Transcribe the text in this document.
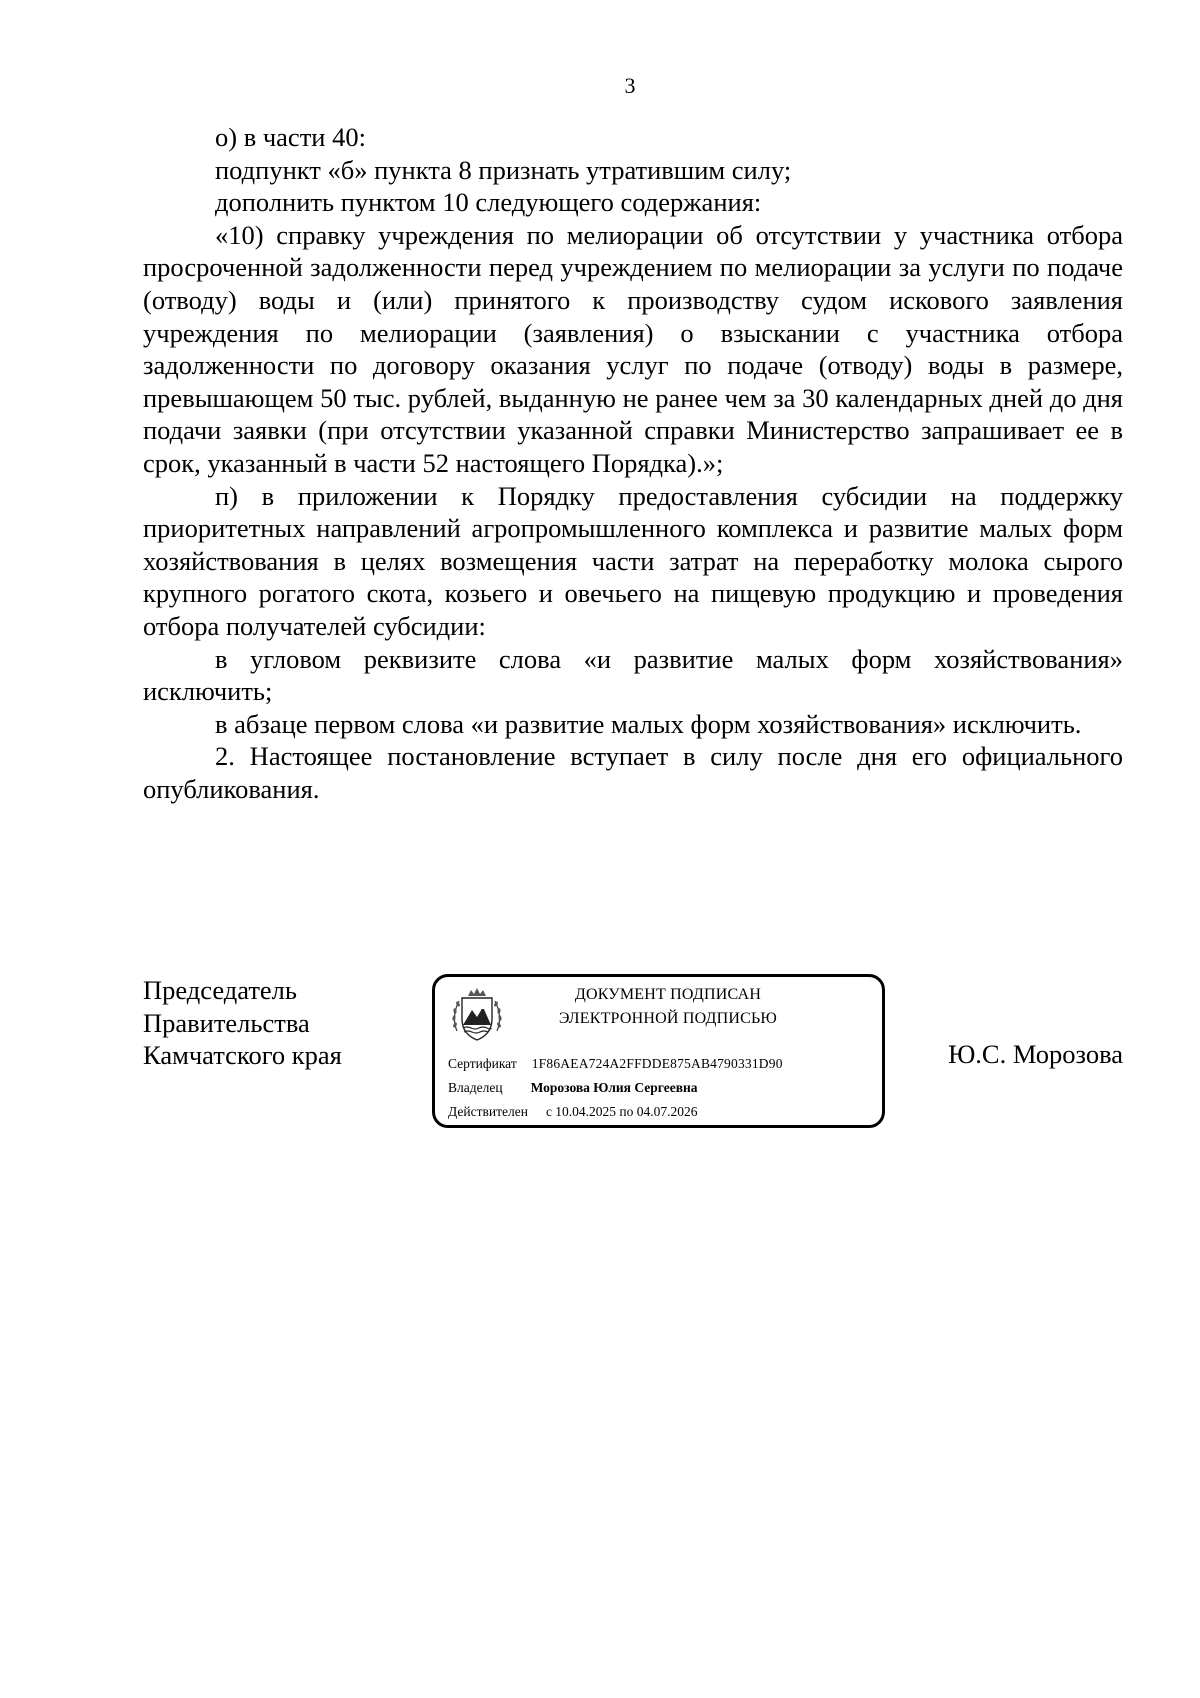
3

о) в части 40:

подпункт «б» пункта 8 признать утратившим силу;

дополнить пунктом 10 следующего содержания:

«10) справку учреждения по мелиорации об отсутствии у участника отбора просроченной задолженности перед учреждением по мелиорации за услуги по подаче (отводу) воды и (или) принятого к производству судом искового заявления учреждения по мелиорации (заявления) о взыскании с участника отбора задолженности по договору оказания услуг по подаче (отводу) воды в размере, превышающем 50 тыс. рублей, выданную не ранее чем за 30 календарных дней до дня подачи заявки (при отсутствии указанной справки Министерство запрашивает ее в срок, указанный в части 52 настоящего Порядка).»;

п) в приложении к Порядку предоставления субсидии на поддержку приоритетных направлений агропромышленного комплекса и развитие малых форм хозяйствования в целях возмещения части затрат на переработку молока сырого крупного рогатого скота, козьего и овечьего на пищевую продукцию и проведения отбора получателей субсидии:

в угловом реквизите слова «и развитие малых форм хозяйствования» исключить;

в абзаце первом слова «и развитие малых форм хозяйствования» исключить.

2. Настоящее постановление вступает в силу после дня его официального опубликования.

Председатель
Правительства
Камчатского края
ДОКУМЕНТ ПОДПИСАН
ЭЛЕКТРОННОЙ ПОДПИСЬЮ
Сертификат 1F86AEA724A2FFDDE875AB4790331D90
Владелец Морозова Юлия Сергеевна
Действителен с 10.04.2025 по 04.07.2026
Ю.С. Морозова
